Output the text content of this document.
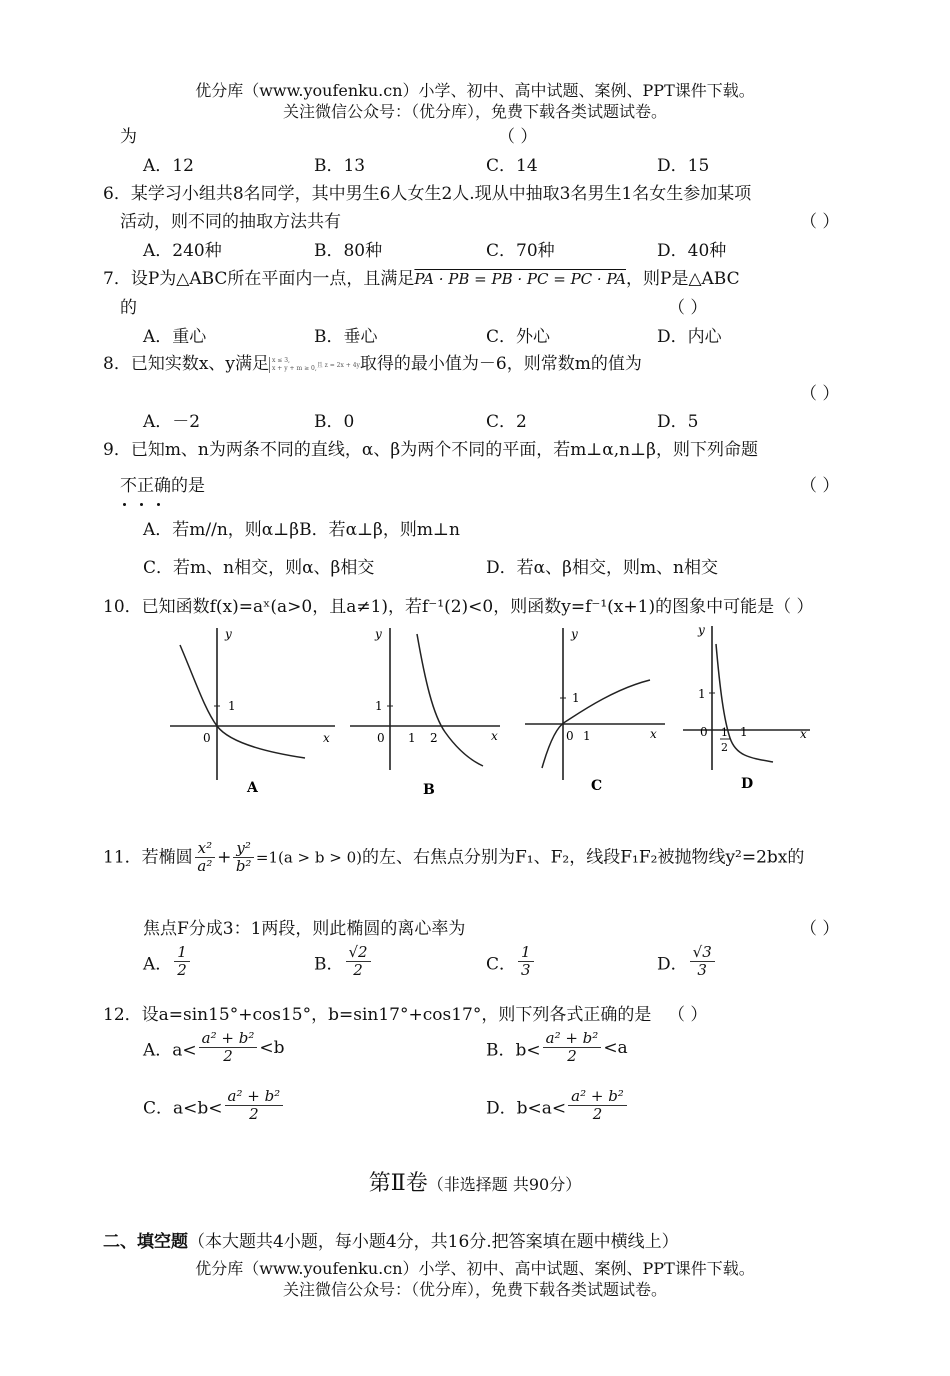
优分库（www.youfenku.cn）小学、初中、高中试题、案例、PPT课件下载。
关注微信公众号：（优分库），免费下载各类试题试卷。
为	（ ）
A．12	B．13	C．14	D．15
6．某学习小组共8名同学，其中男生6人女生2人.现从中抽取3名男生1名女生参加某项
活动，则不同的抽取方法共有	（ ）
A．240种	B．80种	C．70种	D．40种
7．设P为△ABC所在平面内一点，且满足PA · PB = PB · PC = PC · PA，则P是△ABC
的	（ ）
A．重心	B．垂心	C．外心	D．内心
8．已知实数x、y满足 x ≤ 3,
x + y + m ≥ 0,且 z = 2x + 4y取得的最小值为－6，则常数m的值为
（ ）
A．－2	B．0	C．2	D．5
9．已知m、n为两条不同的直线，α、β为两个不同的平面，若m⊥α,n⊥β，则下列命题
不正确的是	（ ）
A．若m//n，则α⊥βB．若α⊥β，则m⊥n
C．若m、n相交，则α、β相交	D．若α、β相交，则m、n相交
10．已知函数f(x)=aˣ(a>0，且a≠1)，若f⁻¹(2)<0，则函数y=f⁻¹(x+1)的图象中可能是（ ）
1
0
y
x
A
1
0 1 2
y
x
B
1
0 1
y
x
C
1
0 1
2
1
y
x
D
11．若椭圆 $\frac{\text{x²}}{\text{a²}} + \frac{\text{y²}}{\text{b²}} =1(a > b > 0)$的左、右焦点分别为F₁、F₂，线段F₁F₂被抛物线y²=2bx的
焦点F分成3：1两段，则此椭圆的离心率为	（ ）
A． $\frac{1}{2}$	B． $\frac{√2}{2}$	C． $\frac{1}{3}$	D． $\frac{√3}{3}$
12．设a=sin15°+cos15°，b=sin17°+cos17°，则下列各式正确的是 （ ）
A．$a< \frac{\text{a² + b²}}{2} <b$	B．$b< \frac{\text{a² + b²}}{2} <a$
C．$a<b< \frac{\text{a² + b²}}{2}$	D．$b<a< \frac{\text{a² + b²}}{2}$
第Ⅱ卷（非选择题 共90分）
二、填空题（本大题共4小题，每小题4分，共16分.把答案填在题中横线上）
优分库（www.youfenku.cn）小学、初中、高中试题、案例、PPT课件下载。
关注微信公众号：（优分库），免费下载各类试题试卷。
